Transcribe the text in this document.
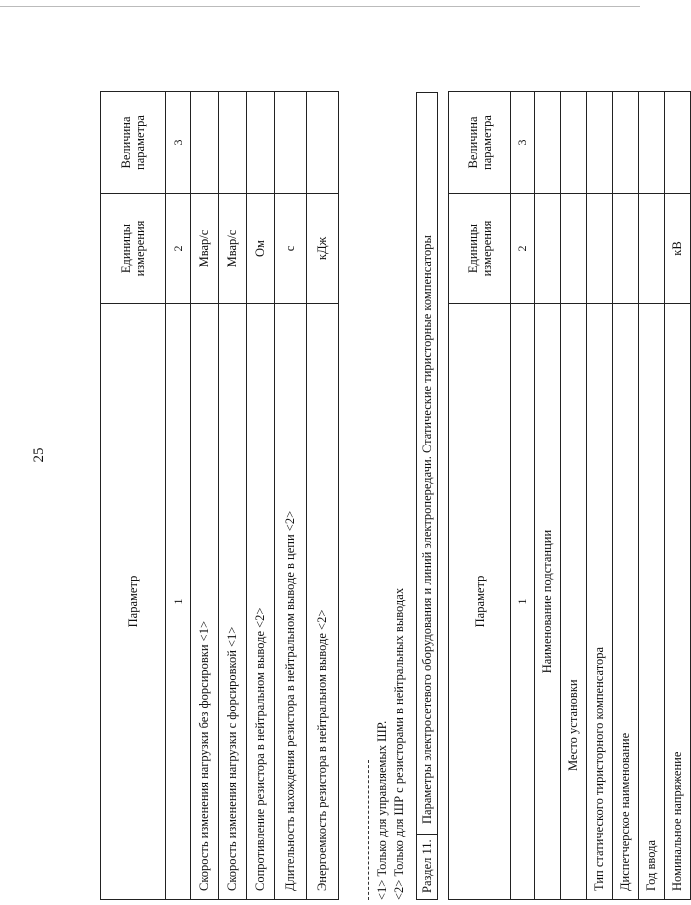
25
Параметр	Единицы измерения	Величина параметра
1	2	3
Скорость изменения нагрузки без форсировки <1>	Мвар/с	
Скорость изменения нагрузки с форсировкой <1>	Мвар/с	
Сопротивление резистора в нейтральном выводе <2>	Ом	
Длительность нахождения резистора в нейтральном выводе в цепи <2>	с	
Энергоемкость резистора в нейтральном выводе <2>	кДж	
<1> Только для управляемых ШР. <2> Только для ШР с резисторами в нейтральных выводах Раздел 11.
Параметры электросетевого оборудования и линий электропередачи. Статические тиристорные компенсаторы	Параметр	Единицы измерения	Величина параметра
1	2	3
Наименование подстанции		
Место установки		
Тип статического тиристорного компенсатора		
Диспетчерское наименование		
Год ввода		
Номинальное напряжение	кВ	
